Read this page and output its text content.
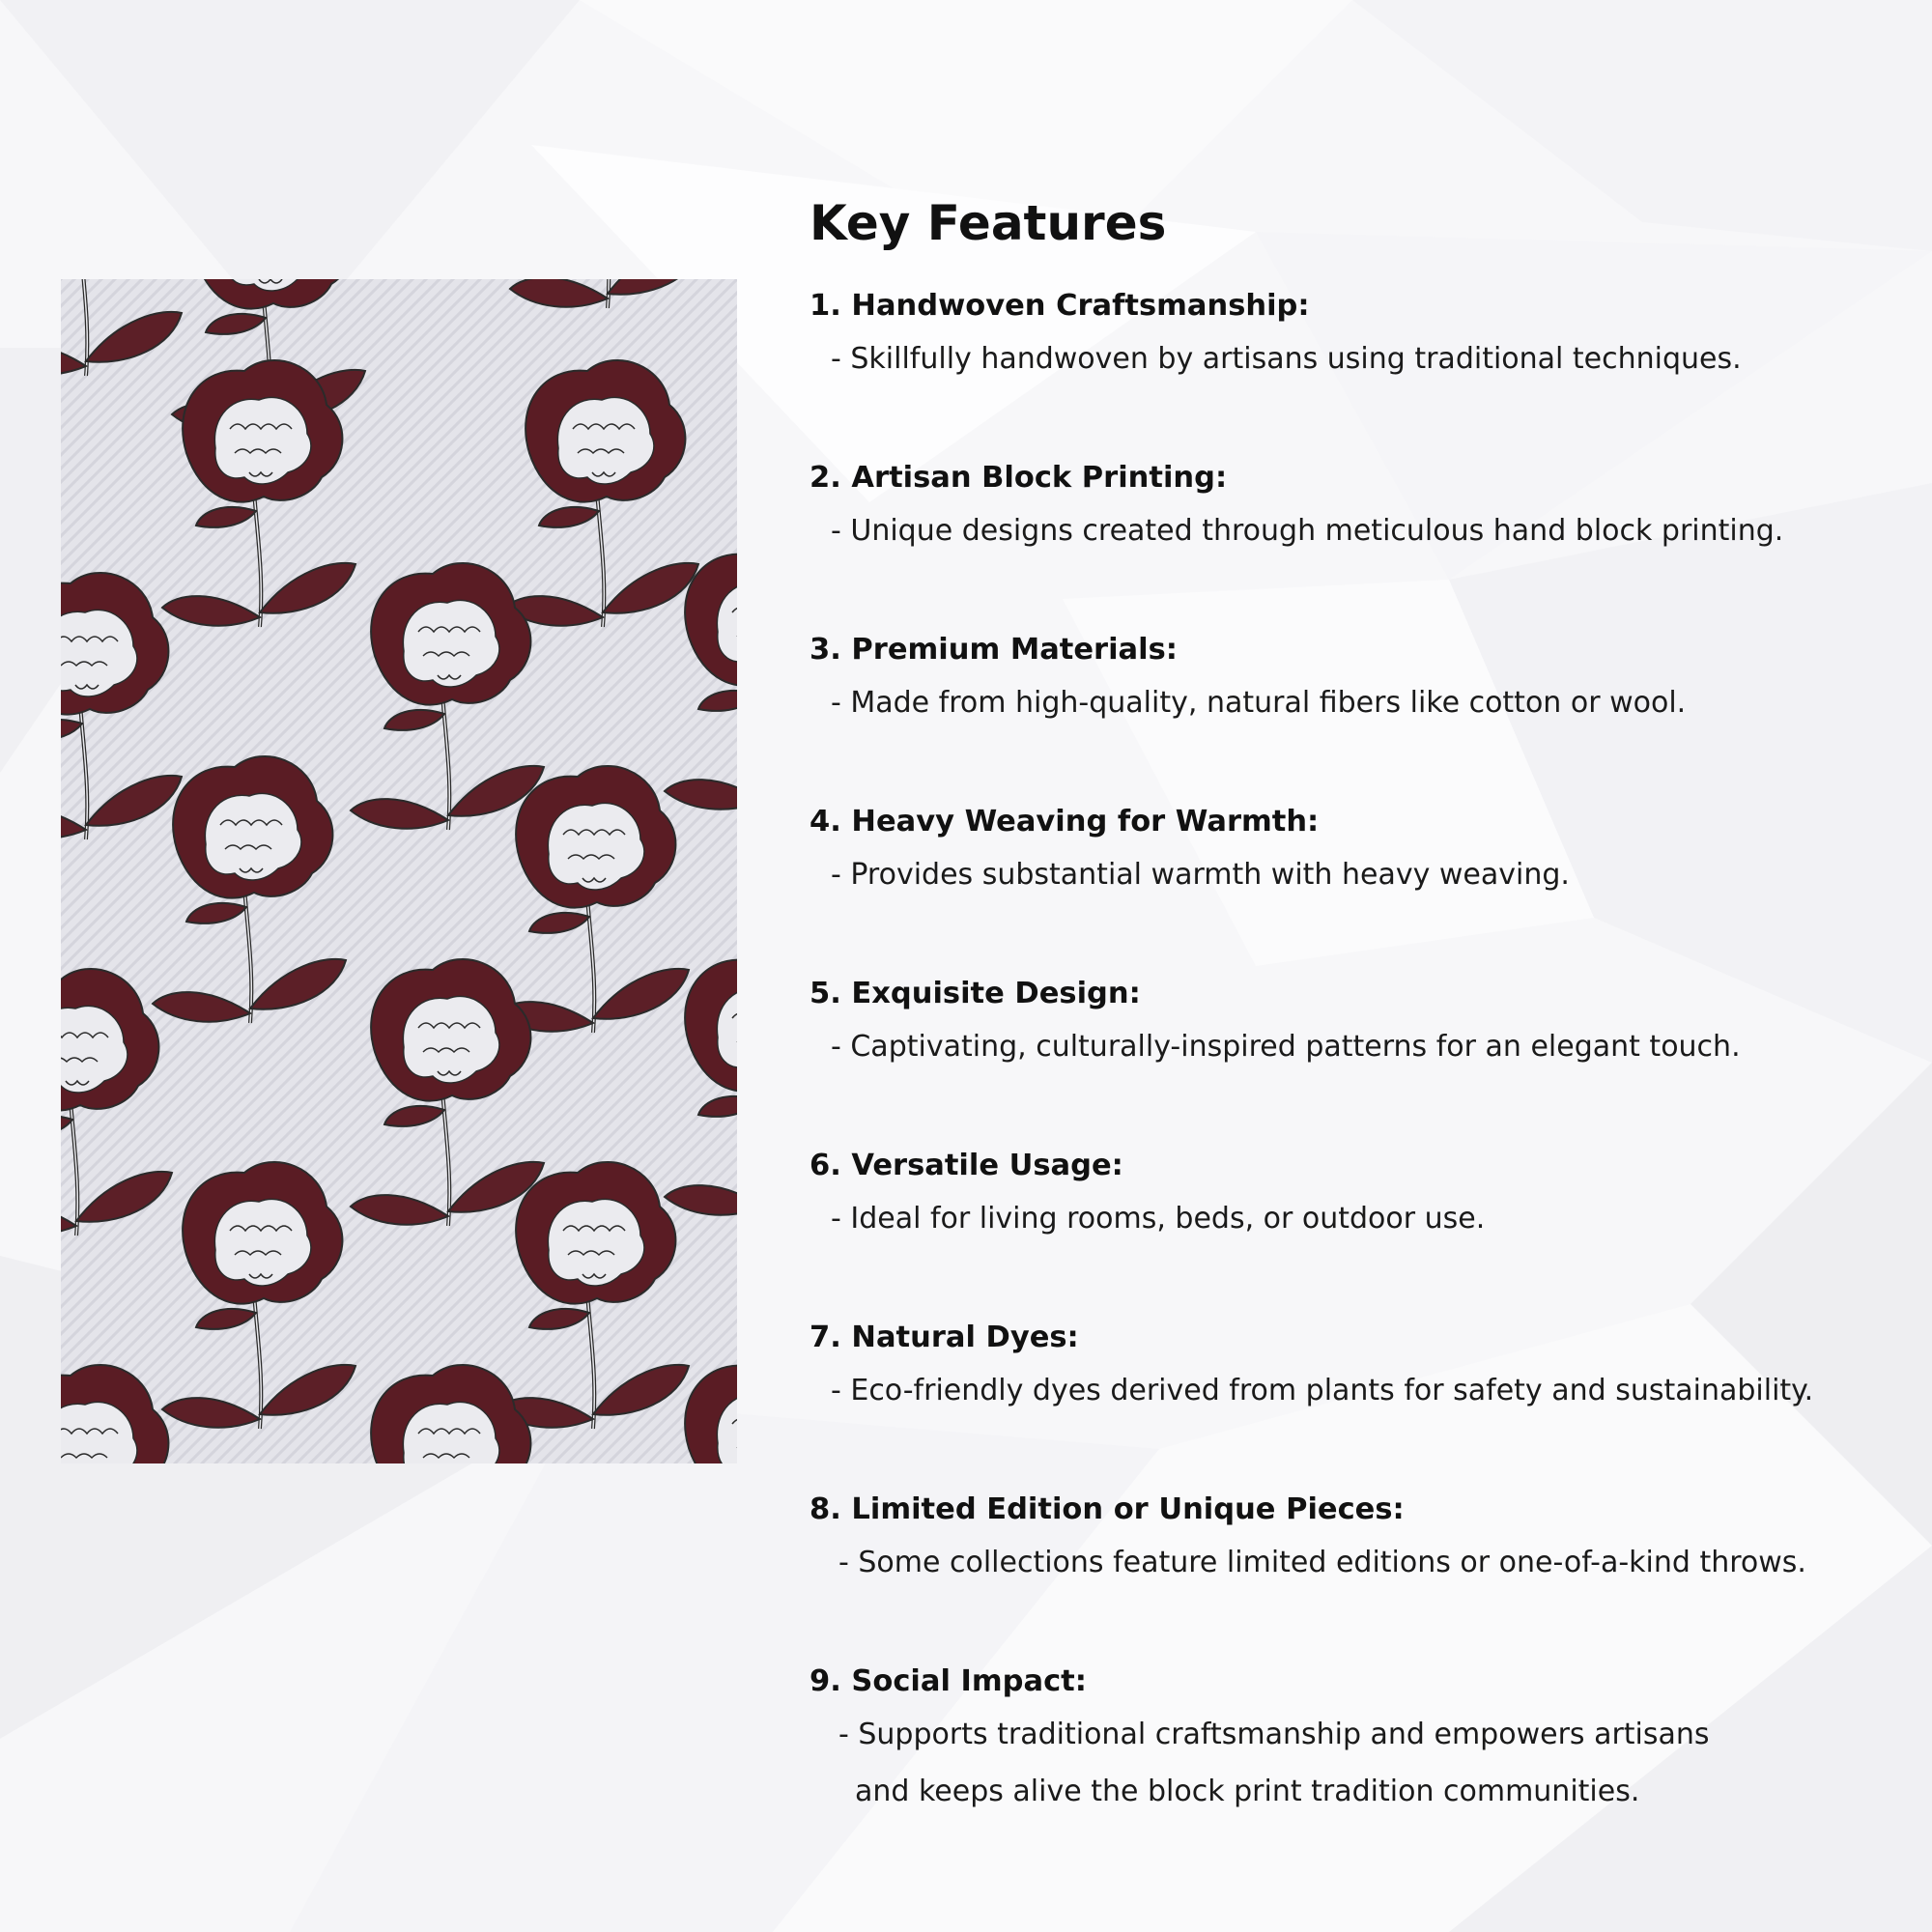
Key Features

1. Handwoven Craftsmanship:

- Skillfully handwoven by artisans using traditional techniques.

2. Artisan Block Printing:

- Unique designs created through meticulous hand block printing.

3. Premium Materials:

- Made from high-quality, natural fibers like cotton or wool.

4. Heavy Weaving for Warmth:

- Provides substantial warmth with heavy weaving.

5. Exquisite Design:

- Captivating, culturally-inspired patterns for an elegant touch.

6. Versatile Usage:

- Ideal for living rooms, beds, or outdoor use.

7. Natural Dyes:

- Eco-friendly dyes derived from plants for safety and sustainability.

8. Limited Edition or Unique Pieces:

- Some collections feature limited editions or one-of-a-kind throws.

9. Social Impact:

- Supports traditional craftsmanship and empowers artisans

and keeps alive the block print tradition communities.
